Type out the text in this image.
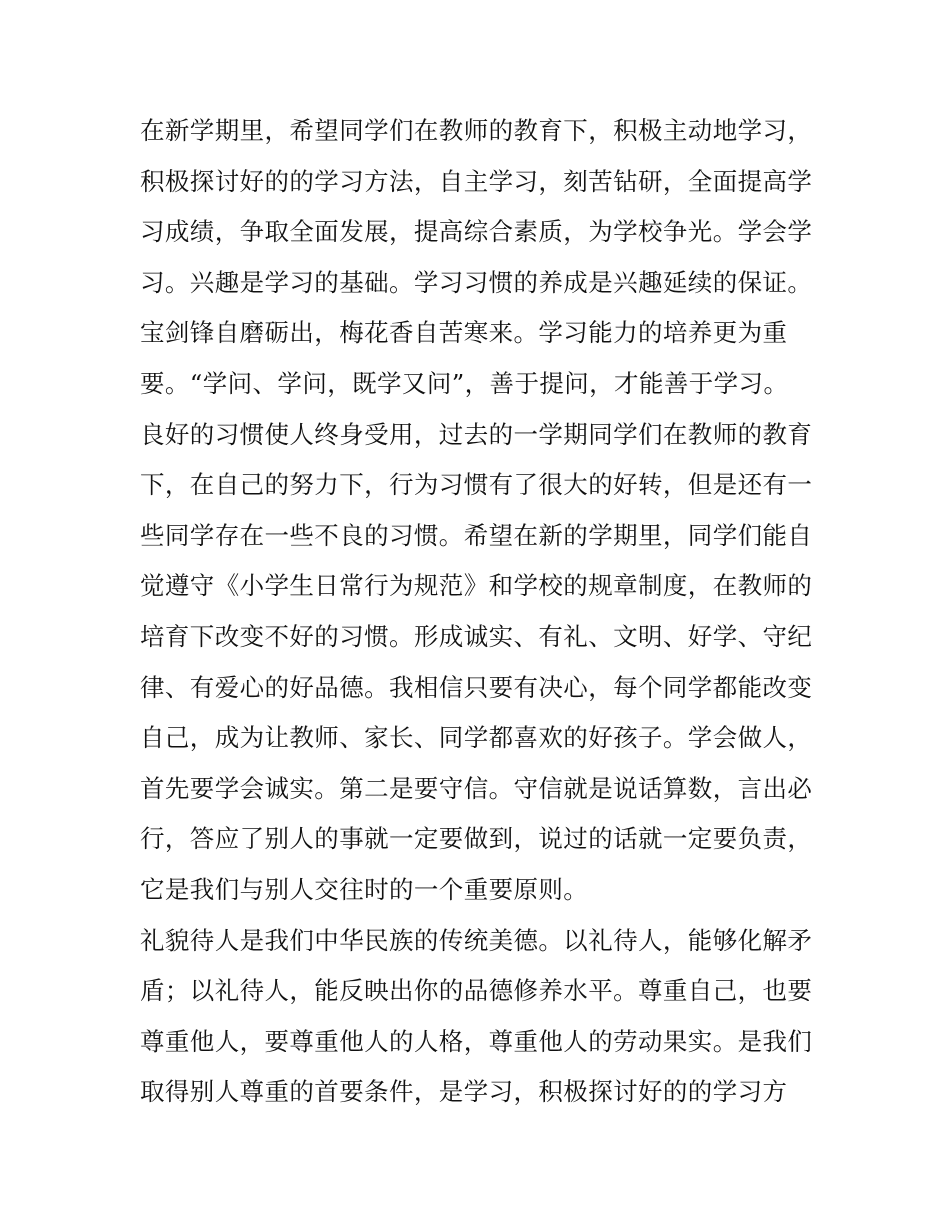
在新学期里，希望同学们在教师的教育下，积极主动地学习，
积极探讨好的的学习方法，自主学习，刻苦钻研，全面提高学
习成绩，争取全面发展，提高综合素质，为学校争光。学会学
习。兴趣是学习的基础。学习习惯的养成是兴趣延续的保证。
宝剑锋自磨砺出，梅花香自苦寒来。学习能力的培养更为重
要。“学问、学问，既学又问”，善于提问，才能善于学习。
良好的习惯使人终身受用，过去的一学期同学们在教师的教育
下，在自己的努力下，行为习惯有了很大的好转，但是还有一
些同学存在一些不良的习惯。希望在新的学期里，同学们能自
觉遵守《小学生日常行为规范》和学校的规章制度，在教师的
培育下改变不好的习惯。形成诚实、有礼、文明、好学、守纪
律、有爱心的好品德。我相信只要有决心，每个同学都能改变
自己，成为让教师、家长、同学都喜欢的好孩子。学会做人，
首先要学会诚实。第二是要守信。守信就是说话算数，言出必
行，答应了别人的事就一定要做到，说过的话就一定要负责，
它是我们与别人交往时的一个重要原则。
礼貌待人是我们中华民族的传统美德。以礼待人，能够化解矛
盾；以礼待人，能反映出你的品德修养水平。尊重自己，也要
尊重他人，要尊重他人的人格，尊重他人的劳动果实。是我们
取得别人尊重的首要条件，是学习，积极探讨好的的学习方
